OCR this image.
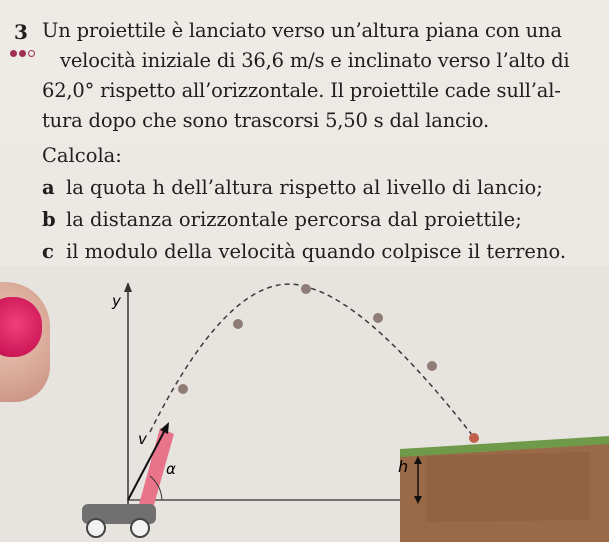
3 Un proiettile è lanciato verso un’altura piana con una

velocità iniziale di 36,6 m/s e inclinato verso l’alto di

62,0° rispetto all’orizzontale. Il proiettile cade sull’al-

tura dopo che sono trascorsi 5,50 s dal lancio.

Calcola:
a la quota h dell’altura rispetto al livello di lancio;
b la distanza orizzontale percorsa dal proiettile;
c il modulo della velocità quando colpisce il terreno.
y
h
v
α
